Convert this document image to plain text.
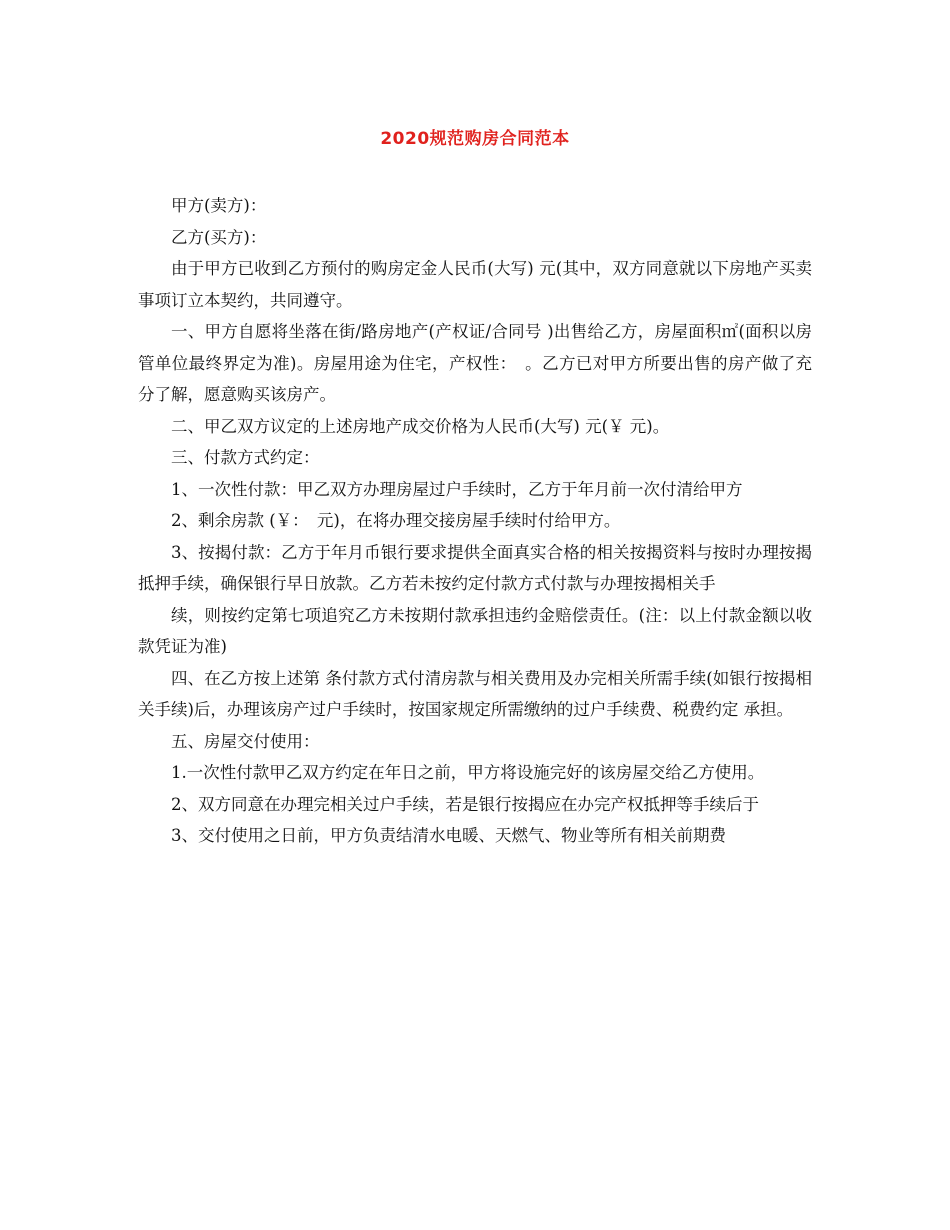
2020规范购房合同范本

甲方(卖方)：

乙方(买方)：

由于甲方已收到乙方预付的购房定金人民币(大写) 元(其中，双方同意就以下房地产买卖事项订立本契约，共同遵守。

一、甲方自愿将坐落在街/路房地产(产权证/合同号 )出售给乙方，房屋面积㎡(面积以房管单位最终界定为准)。房屋用途为住宅，产权性：　。乙方已对甲方所要出售的房产做了充分了解，愿意购买该房产。

二、甲乙双方议定的上述房地产成交价格为人民币(大写) 元(￥ 元)。

三、付款方式约定：

1、一次性付款：甲乙双方办理房屋过户手续时，乙方于年月前一次付清给甲方

2、剩余房款 (￥：　元)，在将办理交接房屋手续时付给甲方。

3、按揭付款：乙方于年月币银行要求提供全面真实合格的相关按揭资料与按时办理按揭抵押手续，确保银行早日放款。乙方若未按约定付款方式付款与办理按揭相关手

续，则按约定第七项追究乙方未按期付款承担违约金赔偿责任。(注：以上付款金额以收款凭证为准)

四、在乙方按上述第 条付款方式付清房款与相关费用及办完相关所需手续(如银行按揭相关手续)后，办理该房产过户手续时，按国家规定所需缴纳的过户手续费、税费约定 承担。

五、房屋交付使用：

1.一次性付款甲乙双方约定在年日之前，甲方将设施完好的该房屋交给乙方使用。

2、双方同意在办理完相关过户手续，若是银行按揭应在办完产权抵押等手续后于

3、交付使用之日前，甲方负责结清水电暖、天燃气、物业等所有相关前期费
